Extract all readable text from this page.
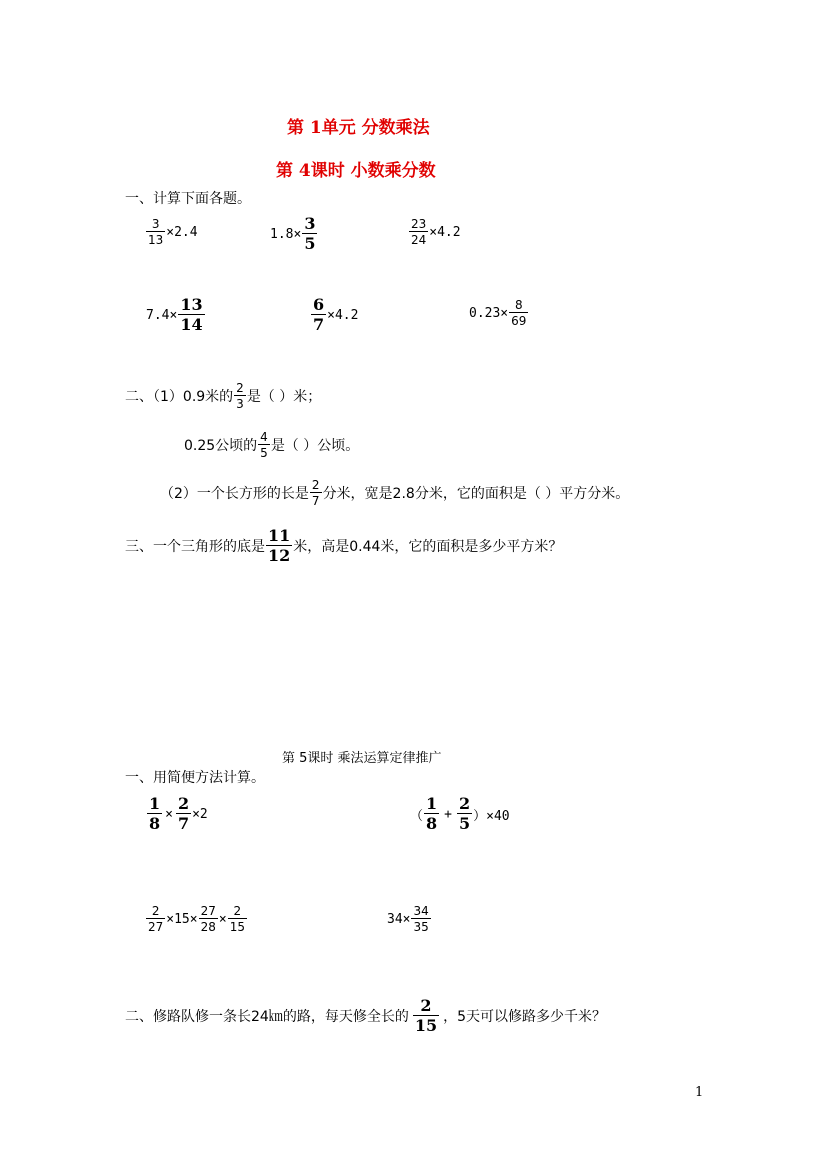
第 1单元 分数乘法
第 4课时 小数乘分数
一、计算下面各题。
$\frac{3}{13} \times 2.4$	$1.8\times \frac{3}{5}$	$\frac{23}{24} \times 4.2$
$7.4\times \frac{13}{14}$	$\frac{6}{7} \times 4.2$	$0.23\times \frac{8}{69}$
二、（1）0.9米的 $\frac{2}{3}$ 是（ ）米；
0.25公顷的 $\frac{4}{5}$ 是（ ）公顷。
（2）一个长方形的长是 $\frac{2}{7}$ 分米，宽是2.8分米，它的面积是（ ）平方分米。
三、一个三角形的底是 $\frac{11}{12}$ 米，高是0.44米，它的面积是多少平方米？
第 5课时 乘法运算定律推广
一、用简便方法计算。
$\frac{1}{8} \times \frac{2}{7} \times 2$	（ $\frac{1}{8} + \frac{2}{5} )\times 40$
$\frac{2}{27} \times 15\times \frac{27}{28} \times \frac{2}{15}$	$34\times \frac{34}{35}$
二、修路队修一条长24㎞的路，每天修全长的 $\frac{2}{15}$ ，5天可以修路多少千米？
1
